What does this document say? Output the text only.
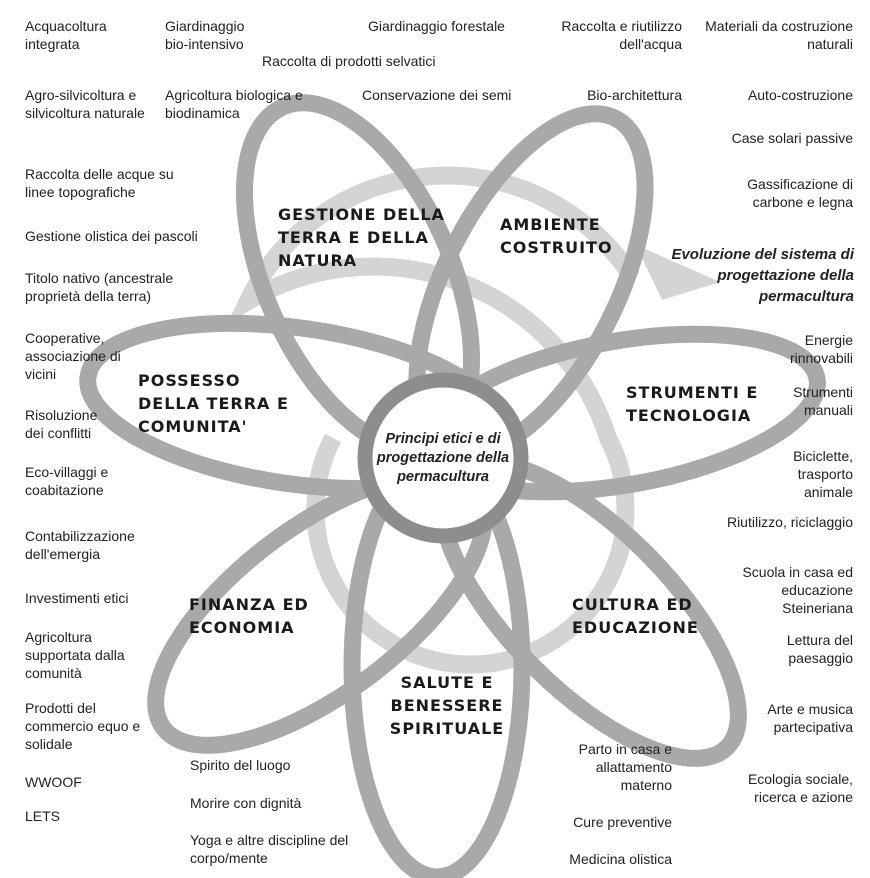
Principi etici e di progettazione della permacultura
Evoluzione del sistema di progettazione della permacultura
GESTIONE DELLA TERRA E DELLA NATURA
AMBIENTE COSTRUITO
STRUMENTI E TECNOLOGIA
CULTURA ED EDUCAZIONE
SALUTE E BENESSERE SPIRITUALE
FINANZA ED ECONOMIA
POSSESSO DELLA TERRA E COMUNITA'
Acquacoltura integrata
Giardinaggio bio-intensivo
Giardinaggio forestale
Raccolta di prodotti selvatici
Raccolta e riutilizzo dell'acqua
Materiali da costruzione naturali
Agro-silvicoltura e silvicoltura naturale
Agricoltura biologica e biodinamica
Conservazione dei semi	Bio-architettura	Auto-costruzione
Raccolta delle acque su linee topografiche
Gestione olistica dei pascoli
Titolo nativo (ancestrale proprietà della terra)
Cooperative, associazione di vicini
Risoluzione dei conflitti
Eco-villaggi e coabitazione
Contabilizzazione dell'emergia
Investimenti etici
Agricoltura supportata dalla comunità
Prodotti del commercio equo e solidale
WWOOF
LETS
Case solari passive
Gassificazione di carbone e legna
Energie rinnovabili
Strumenti manuali
Biciclette, trasporto animale
Riutilizzo, riciclaggio
Scuola in casa ed educazione Steineriana
Lettura del paesaggio
Arte e musica partecipativa
Ecologia sociale, ricerca e azione
Spirito del luogo
Morire con dignità
Yoga e altre discipline del corpo/mente
Parto in casa e allattamento materno
Cure preventive
Medicina olistica
